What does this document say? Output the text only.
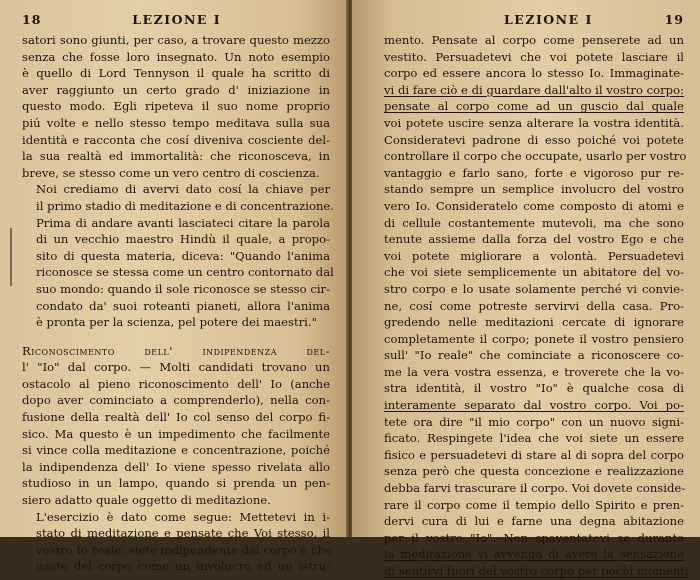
18	LEZIONE I

satori sono giunti, per caso, a trovare questo mezzo
senza che fosse loro insegnato. Un noto esempio
è quello di Lord Tennyson il quale ha scritto di
aver raggiunto un certo grado d' iniziazione in
questo modo. Egli ripeteva il suo nome proprio
piú volte e nello stesso tempo meditava sulla sua
identità e racconta che cosí diveniva cosciente del-
la sua realtà ed immortalità: che riconosceva, in
breve, se stesso come un vero centro di coscienza.

Noi crediamo di avervi dato cosí la chiave per
il primo stadio di meditazione e di concentrazione.
Prima di andare avanti lasciateci citare la parola
di un vecchio maestro Hindù il quale, a propo-
sito di questa materia, diceva: "Quando l'anima
riconosce se stessa come un centro contornato dal
suo mondo: quando il sole riconosce se stesso cir-
condato da' suoi roteanti pianeti, allora l'anima
è pronta per la scienza, pel potere dei maestri."

Riconoscimento dell' indipendenza del-
l' "Io" dal corpo. — Molti candidati trovano un
ostacolo al pieno riconoscimento dell' Io (anche
dopo aver cominciato a comprenderlo), nella con-
fusione della realtà dell' Io col senso del corpo fi-
sico. Ma questo è un impedimento che facilmente
si vince colla meditazione e concentrazione, poiché
la indipendenza dell' Io viene spesso rivelata allo
studioso in un lampo, quando si prenda un pen-
siero adatto quale oggetto di meditazione.

L'esercizio è dato come segue: Mettetevi in i-
stato di meditazione e pensate che Voi stesso, il
vostro Io reale, siete indipendente dal corpo e che
usate del corpo come un involucro ed un istru-

LEZIONE I	19

mento. Pensate al corpo come penserete ad un
vestito. Persuadetevi che voi potete lasciare il
corpo ed essere ancora lo stesso Io. Immaginate-
vi di fare ciò e di guardare dall'alto il vostro corpo:
pensate al corpo come ad un guscio dal quale
voi potete uscire senza alterare la vostra identità.
Consideratevi padrone di esso poiché voi potete
controllare il corpo che occupate, usarlo per vostro
vantaggio e farlo sano, forte e vigoroso pur re-
stando sempre un semplice involucro del vostro
vero Io. Consideratelo come composto di atomi e
di cellule costantemente mutevoli, ma che sono
tenute assieme dalla forza del vostro Ego e che
voi potete migliorare a volontà. Persuadetevi
che voi siete semplicemente un abitatore del vo-
stro corpo e lo usate solamente perché vi convie-
ne, cosí come potreste servirvi della casa. Pro-
gredendo nelle meditazioni cercate di ignorare
completamente il corpo; ponete il vostro pensiero
sull' "Io reale" che cominciate a riconoscere co-
me la vera vostra essenza, e troverete che la vo-
stra identità, il vostro "Io" è qualche cosa di
interamente separato dal vostro corpo. Voi po-
tete ora dire "il mio corpo" con un nuovo signi-
ficato. Respingete l'idea che voi siete un essere
fisico e persuadetevi di stare al di sopra del corpo
senza però che questa concezione e realizzazione
debba farvi trascurare il corpo. Voi dovete conside-
rare il corpo come il tempio dello Spirito e pren-
dervi cura di lui e farne una degna abitazione
per il vostro "Io". Non spaventatevi se durante
la meditazione vi avvenga di avere la sensazione
di sentirvi fuori del vostro corpo per pochi momenti
